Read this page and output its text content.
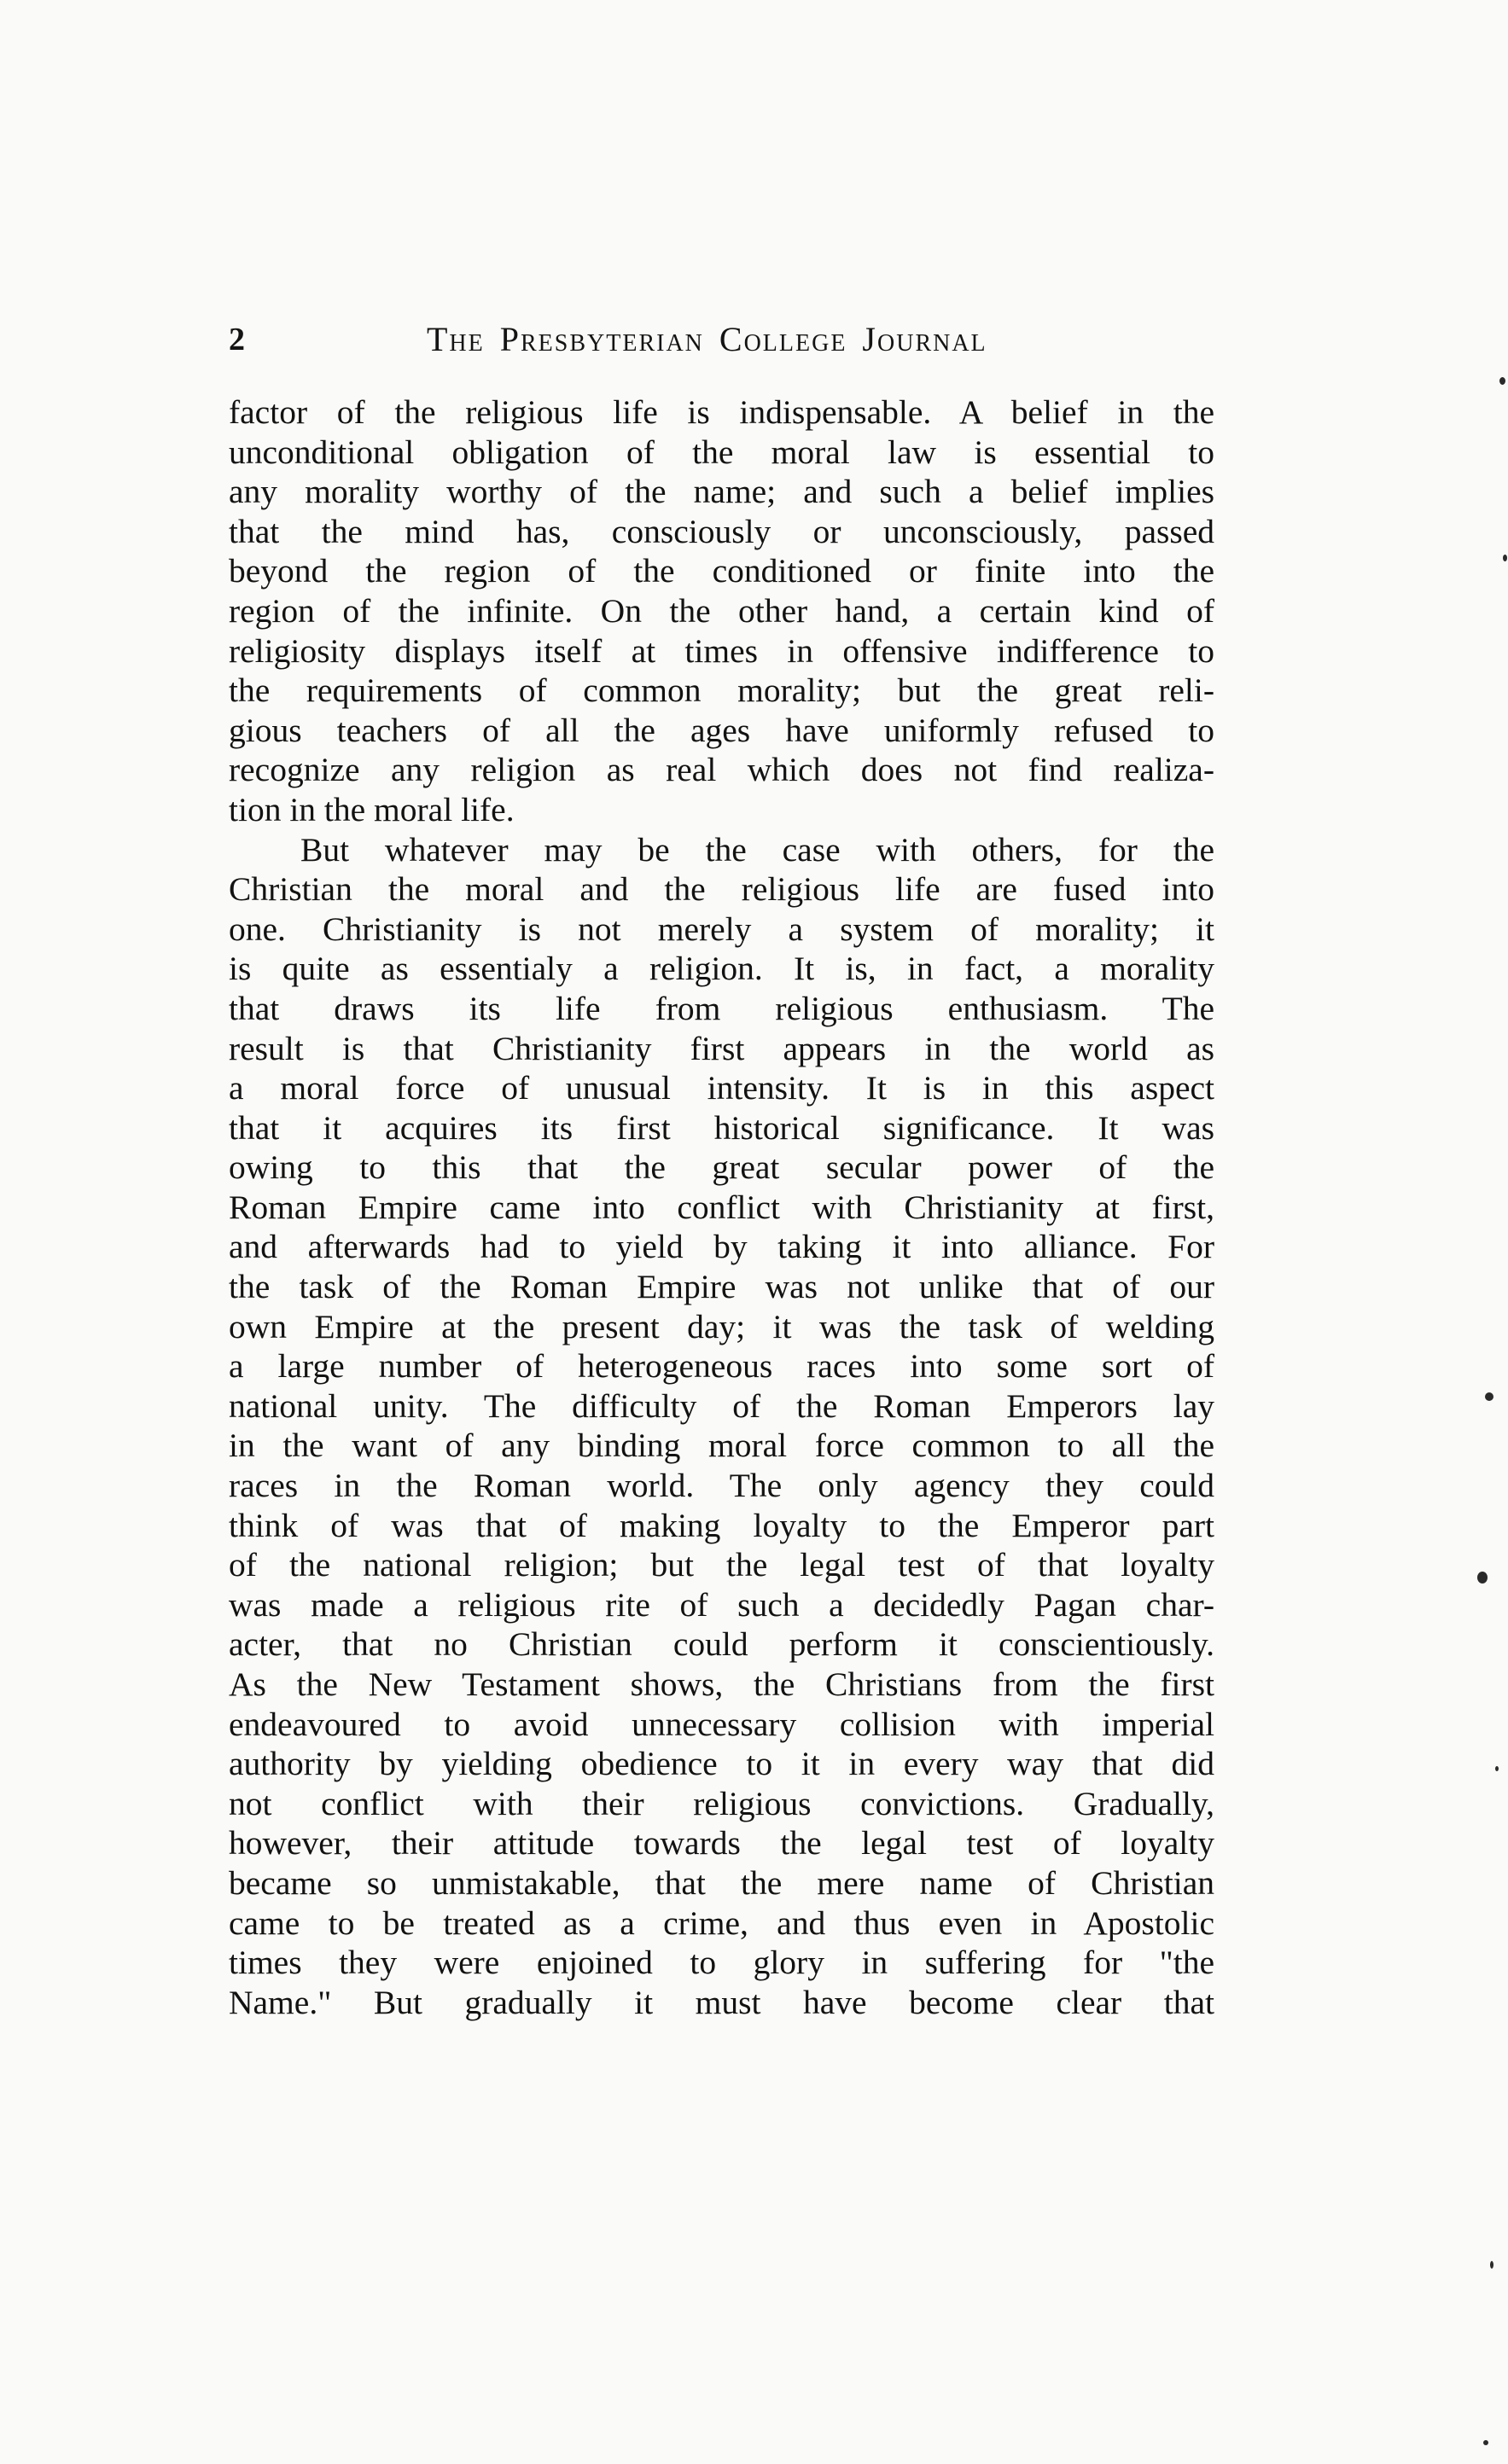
2	The Presbyterian College Journal
factor of the religious life is indispensable. A belief in the
unconditional obligation of the moral law is essential to
any morality worthy of the name; and such a belief implies
that the mind has, consciously or unconsciously, passed
beyond the region of the conditioned or finite into the
region of the infinite. On the other hand, a certain kind of
religiosity displays itself at times in offensive indifference to
the requirements of common morality; but the great reli-
gious teachers of all the ages have uniformly refused to
recognize any religion as real which does not find realiza-
tion in the moral life.
But whatever may be the case with others, for the
Christian the moral and the religious life are fused into
one. Christianity is not merely a system of morality; it
is quite as essentialy a religion. It is, in fact, a morality
that draws its life from religious enthusiasm. The
result is that Christianity first appears in the world as
a moral force of unusual intensity. It is in this aspect
that it acquires its first historical significance. It was
owing to this that the great secular power of the
Roman Empire came into conflict with Christianity at first,
and afterwards had to yield by taking it into alliance. For
the task of the Roman Empire was not unlike that of our
own Empire at the present day; it was the task of welding
a large number of heterogeneous races into some sort of
national unity. The difficulty of the Roman Emperors lay
in the want of any binding moral force common to all the
races in the Roman world. The only agency they could
think of was that of making loyalty to the Emperor part
of the national religion; but the legal test of that loyalty
was made a religious rite of such a decidedly Pagan char-
acter, that no Christian could perform it conscientiously.
As the New Testament shows, the Christians from the first
endeavoured to avoid unnecessary collision with imperial
authority by yielding obedience to it in every way that did
not conflict with their religious convictions. Gradually,
however, their attitude towards the legal test of loyalty
became so unmistakable, that the mere name of Christian
came to be treated as a crime, and thus even in Apostolic
times they were enjoined to glory in suffering for "the
Name." But gradually it must have become clear that
